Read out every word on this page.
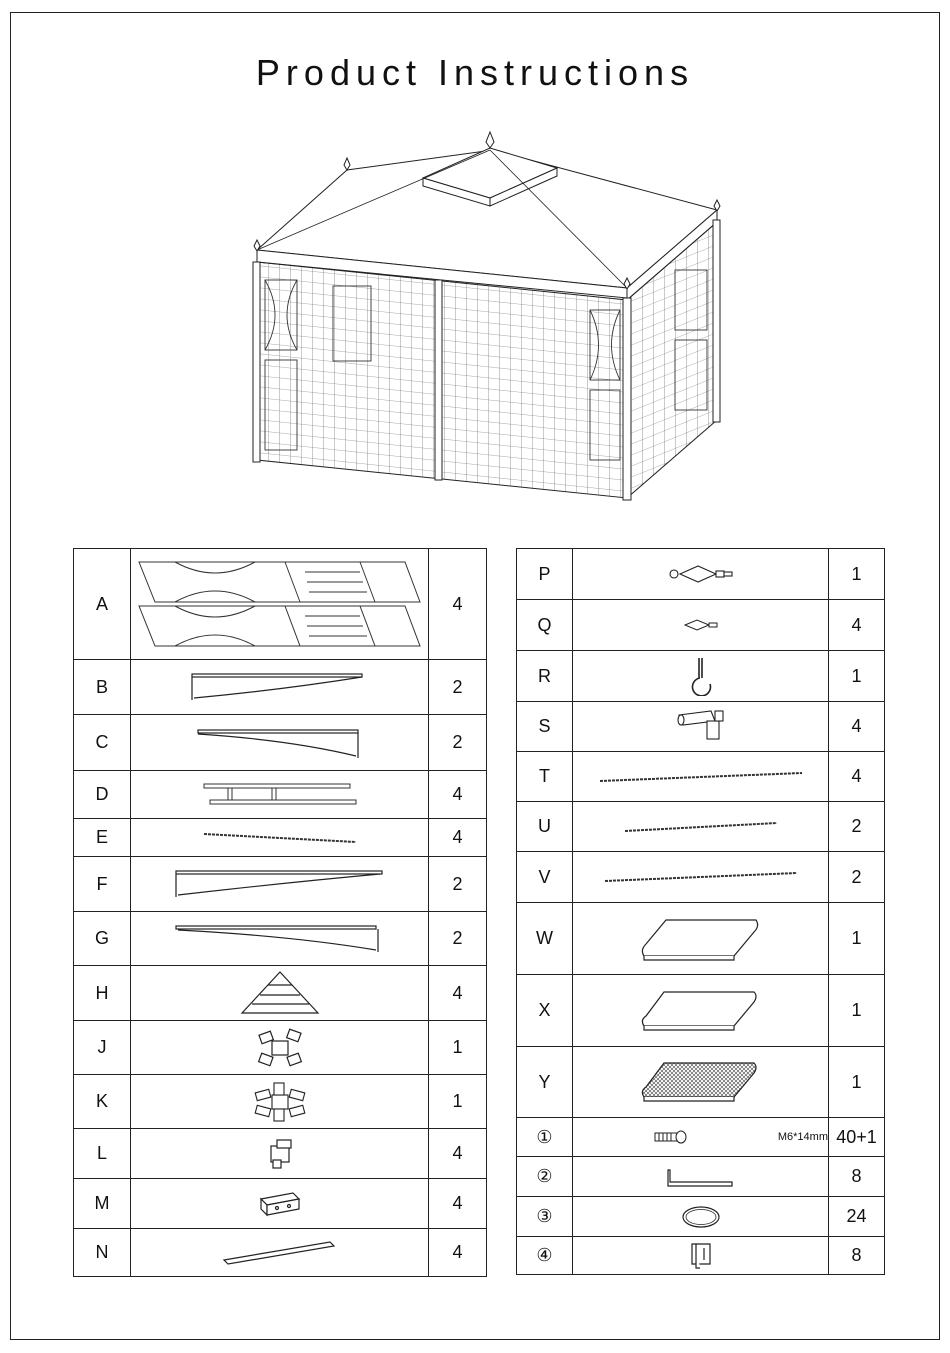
Product Instructions
A		4
B		2
C		2
D		4
E		4
F		2
G		2
H		4
J		1
K		1
L		4
M		4
N		4
P		1
Q		4
R		1
S		4
T		4
U		2
V		2
W		1
X		1
Y		1
①	M6*14mm	40+1
②		8
③		24
④		8
